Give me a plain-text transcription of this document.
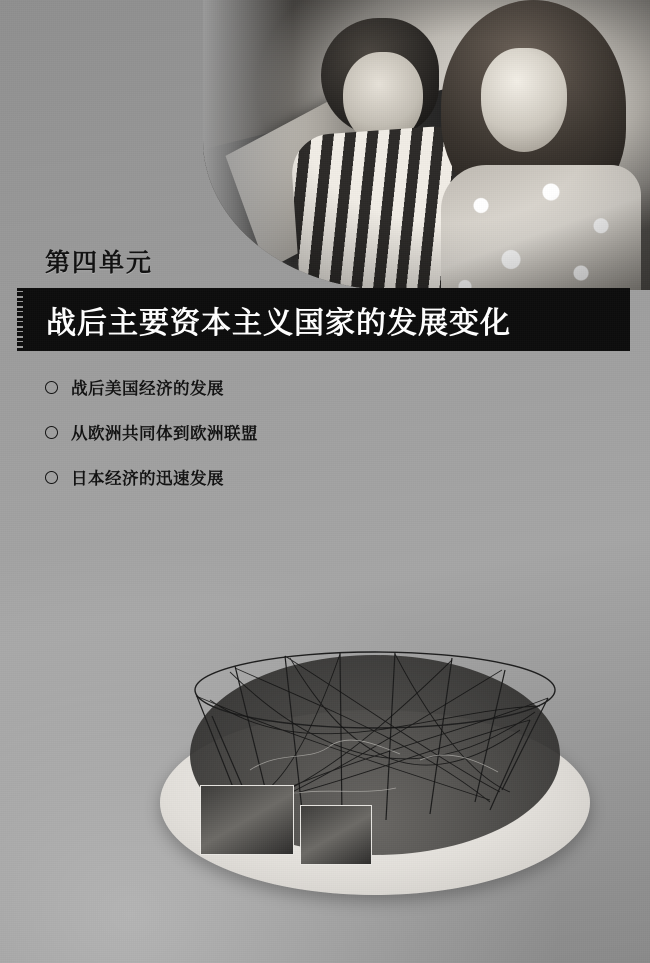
第四单元
战后主要资本主义国家的发展变化
战后美国经济的发展
从欧洲共同体到欧洲联盟
日本经济的迅速发展
